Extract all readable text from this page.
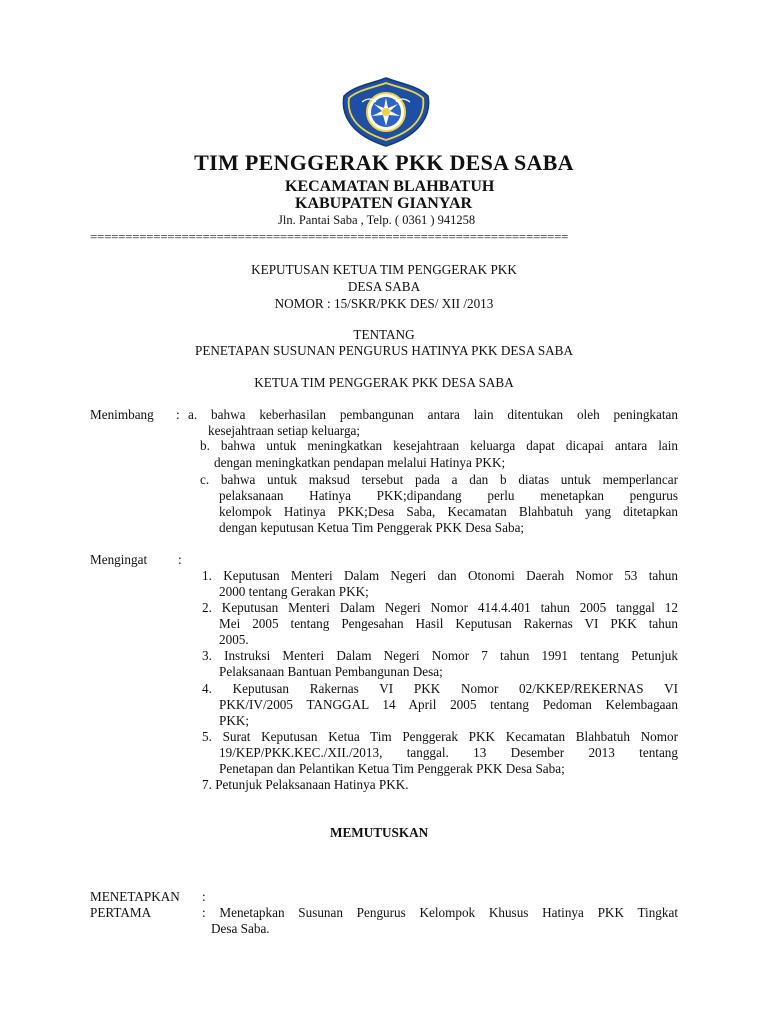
TIM PENGGERAK PKK DESA SABA
KECAMATAN BLAHBATUH
KABUPATEN GIANYAR
Jln. Pantai Saba , Telp. ( 0361 ) 941258
====================================================================
KEPUTUSAN KETUA TIM PENGGERAK PKK
DESA SABA
NOMOR : 15/SKR/PKK DES/ XII /2013
TENTANG
PENETAPAN SUSUNAN PENGURUS HATINYA PKK DESA SABA
KETUA TIM PENGGERAK PKK DESA SABA
Menimbang : a. bahwa keberhasilan pembangunan antara lain ditentukan oleh peningkatan
kesejahtraan setiap keluarga;
b. bahwa untuk meningkatkan kesejahtraan keluarga dapat dicapai antara lain
dengan meningkatkan pendapan melalui Hatinya PKK;
c. bahwa untuk maksud tersebut pada a dan b diatas untuk memperlancar
pelaksanaan Hatinya PKK;dipandang perlu menetapkan pengurus
kelompok Hatinya PKK;Desa Saba, Kecamatan Blahbatuh yang ditetapkan
dengan keputusan Ketua Tim Penggerak PKK Desa Saba;
Mengingat :
1. Keputusan Menteri Dalam Negeri dan Otonomi Daerah Nomor 53 tahun
2000 tentang Gerakan PKK;
2. Keputusan Menteri Dalam Negeri Nomor 414.4.401 tahun 2005 tanggal 12
Mei 2005 tentang Pengesahan Hasil Keputusan Rakernas VI PKK tahun
2005.
3. Instruksi Menteri Dalam Negeri Nomor 7 tahun 1991 tentang Petunjuk
Pelaksanaan Bantuan Pembangunan Desa;
4. Keputusan Rakernas VI PKK Nomor 02/KKEP/REKERNAS VI
PKK/IV/2005 TANGGAL 14 April 2005 tentang Pedoman Kelembagaan
PKK;
5. Surat Keputusan Ketua Tim Penggerak PKK Kecamatan Blahbatuh Nomor
19/KEP/PKK.KEC./XII./2013, tanggal. 13 Desember 2013 tentang
Penetapan dan Pelantikan Ketua Tim Penggerak PKK Desa Saba;
7. Petunjuk Pelaksanaan Hatinya PKK.
MEMUTUSKAN
MENETAPKAN :
PERTAMA	: Menetapkan Susunan Pengurus Kelompok Khusus Hatinya PKK Tingkat
Desa Saba.
